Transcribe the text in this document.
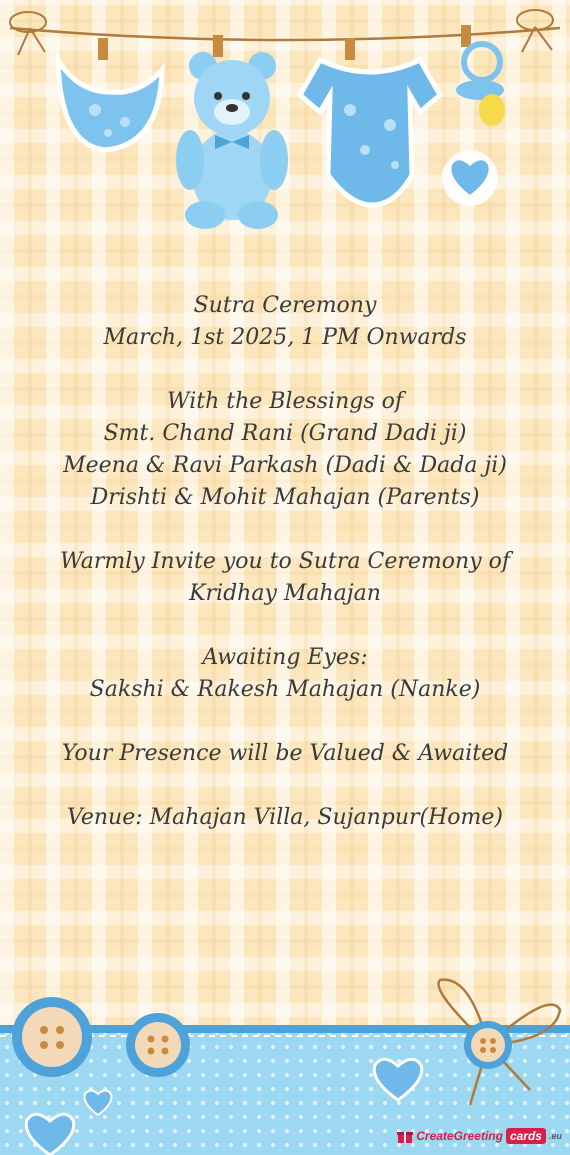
Sutra Ceremony

March, 1st 2025, 1 PM Onwards

With the Blessings of

Smt. Chand Rani (Grand Dadi ji)

Meena & Ravi Parkash (Dadi & Dada ji)

Drishti & Mohit Mahajan (Parents)

Warmly Invite you to Sutra Ceremony of

Kridhay Mahajan

Awaiting Eyes:

Sakshi & Rakesh Mahajan (Nanke)

Your Presence will be Valued & Awaited

Venue: Mahajan Villa, Sujanpur(Home)

CreateGreeting cards .eu
